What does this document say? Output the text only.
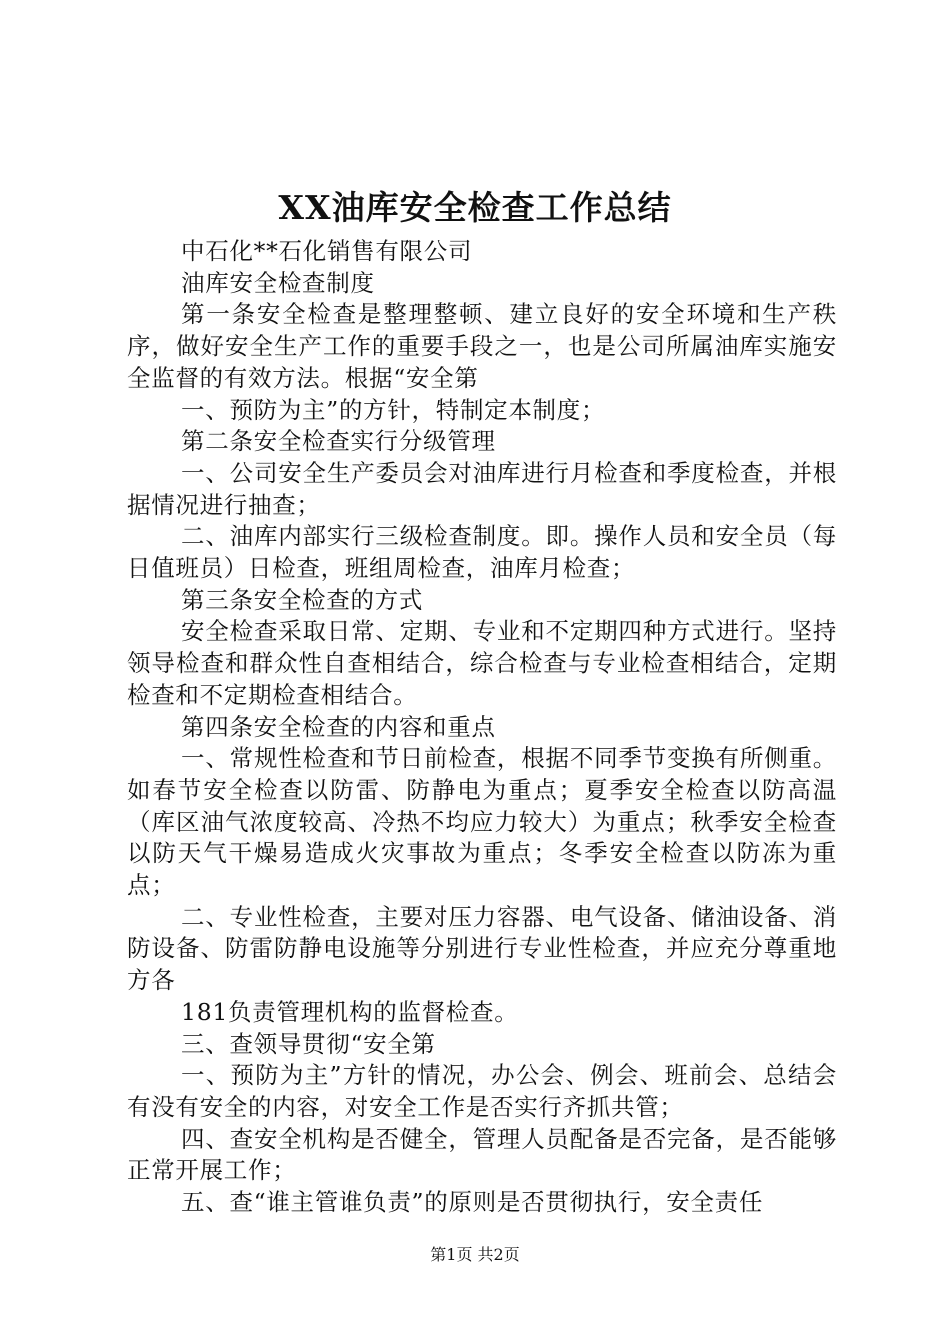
XX油库安全检查工作总结

中石化**石化销售有限公司

油库安全检查制度

第一条安全检查是整理整顿、建立良好的安全环境和生产秩序，做好安全生产工作的重要手段之一，也是公司所属油库实施安全监督的有效方法。根据“安全第

一、预防为主”的方针，特制定本制度；

第二条安全检查实行分级管理

一、公司安全生产委员会对油库进行月检查和季度检查，并根据情况进行抽查；

二、油库内部实行三级检查制度。即。操作人员和安全员（每日值班员）日检查，班组周检查，油库月检查；

第三条安全检查的方式

安全检查采取日常、定期、专业和不定期四种方式进行。坚持领导检查和群众性自查相结合，综合检查与专业检查相结合，定期检查和不定期检查相结合。

第四条安全检查的内容和重点

一、常规性检查和节日前检查，根据不同季节变换有所侧重。如春节安全检查以防雷、防静电为重点；夏季安全检查以防高温（库区油气浓度较高、冷热不均应力较大）为重点；秋季安全检查以防天气干燥易造成火灾事故为重点；冬季安全检查以防冻为重点；

二、专业性检查，主要对压力容器、电气设备、储油设备、消防设备、防雷防静电设施等分别进行专业性检查，并应充分尊重地方各

181负责管理机构的监督检查。

三、查领导贯彻“安全第

一、预防为主”方针的情况，办公会、例会、班前会、总结会有没有安全的内容，对安全工作是否实行齐抓共管；

四、查安全机构是否健全，管理人员配备是否完备，是否能够正常开展工作；

五、查“谁主管谁负责”的原则是否贯彻执行，安全责任

第1页 共2页
